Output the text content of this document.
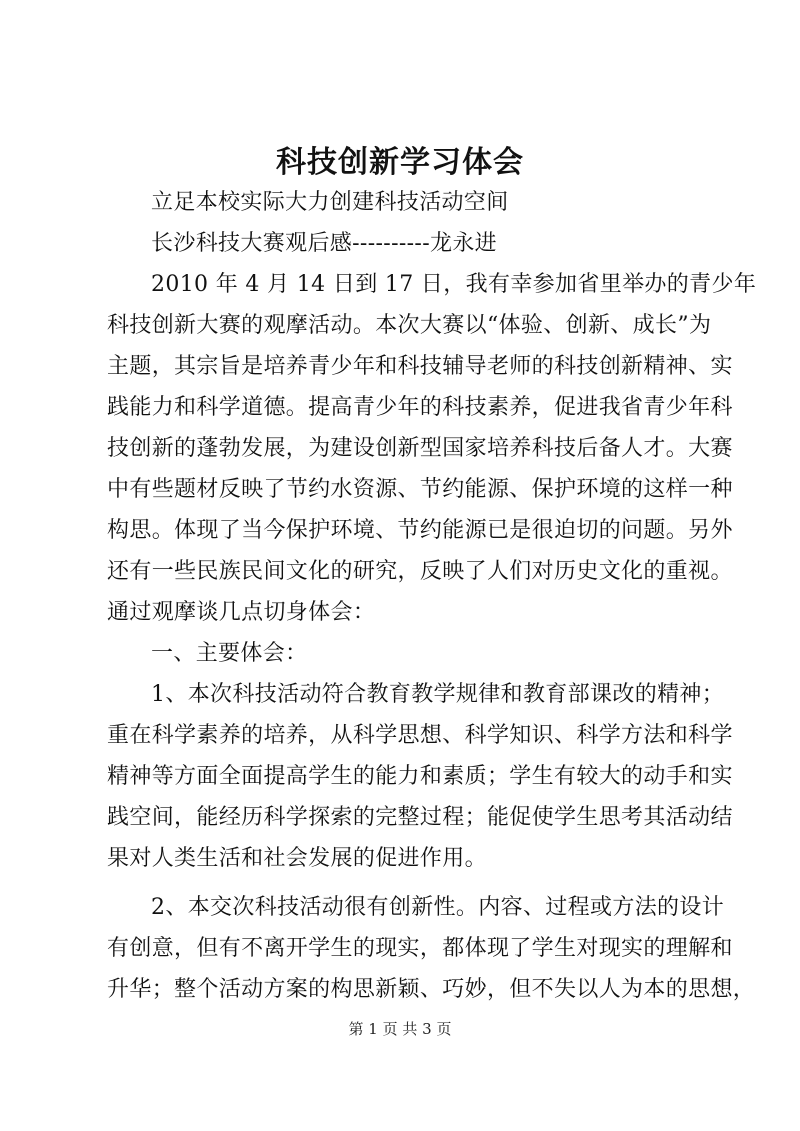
科技创新学习体会
立足本校实际大力创建科技活动空间
长沙科技大赛观后感----------龙永进
2010 年 4 月 14 日到 17 日，我有幸参加省里举办的青少年
科技创新大赛的观摩活动。本次大赛以“体验、创新、成长”为
主题，其宗旨是培养青少年和科技辅导老师的科技创新精神、实
践能力和科学道德。提高青少年的科技素养，促进我省青少年科
技创新的蓬勃发展，为建设创新型国家培养科技后备人才。大赛
中有些题材反映了节约水资源、节约能源、保护环境的这样一种
构思。体现了当今保护环境、节约能源已是很迫切的问题。另外
还有一些民族民间文化的研究，反映了人们对历史文化的重视。
通过观摩谈几点切身体会：
一、主要体会：
1、本次科技活动符合教育教学规律和教育部课改的精神；
重在科学素养的培养，从科学思想、科学知识、科学方法和科学
精神等方面全面提高学生的能力和素质；学生有较大的动手和实
践空间，能经历科学探索的完整过程；能促使学生思考其活动结
果对人类生活和社会发展的促进作用。
2、本交次科技活动很有创新性。内容、过程或方法的设计
有创意，但有不离开学生的现实，都体现了学生对现实的理解和
升华；整个活动方案的构思新颖、巧妙，但不失以人为本的思想，
第 1 页 共 3 页
